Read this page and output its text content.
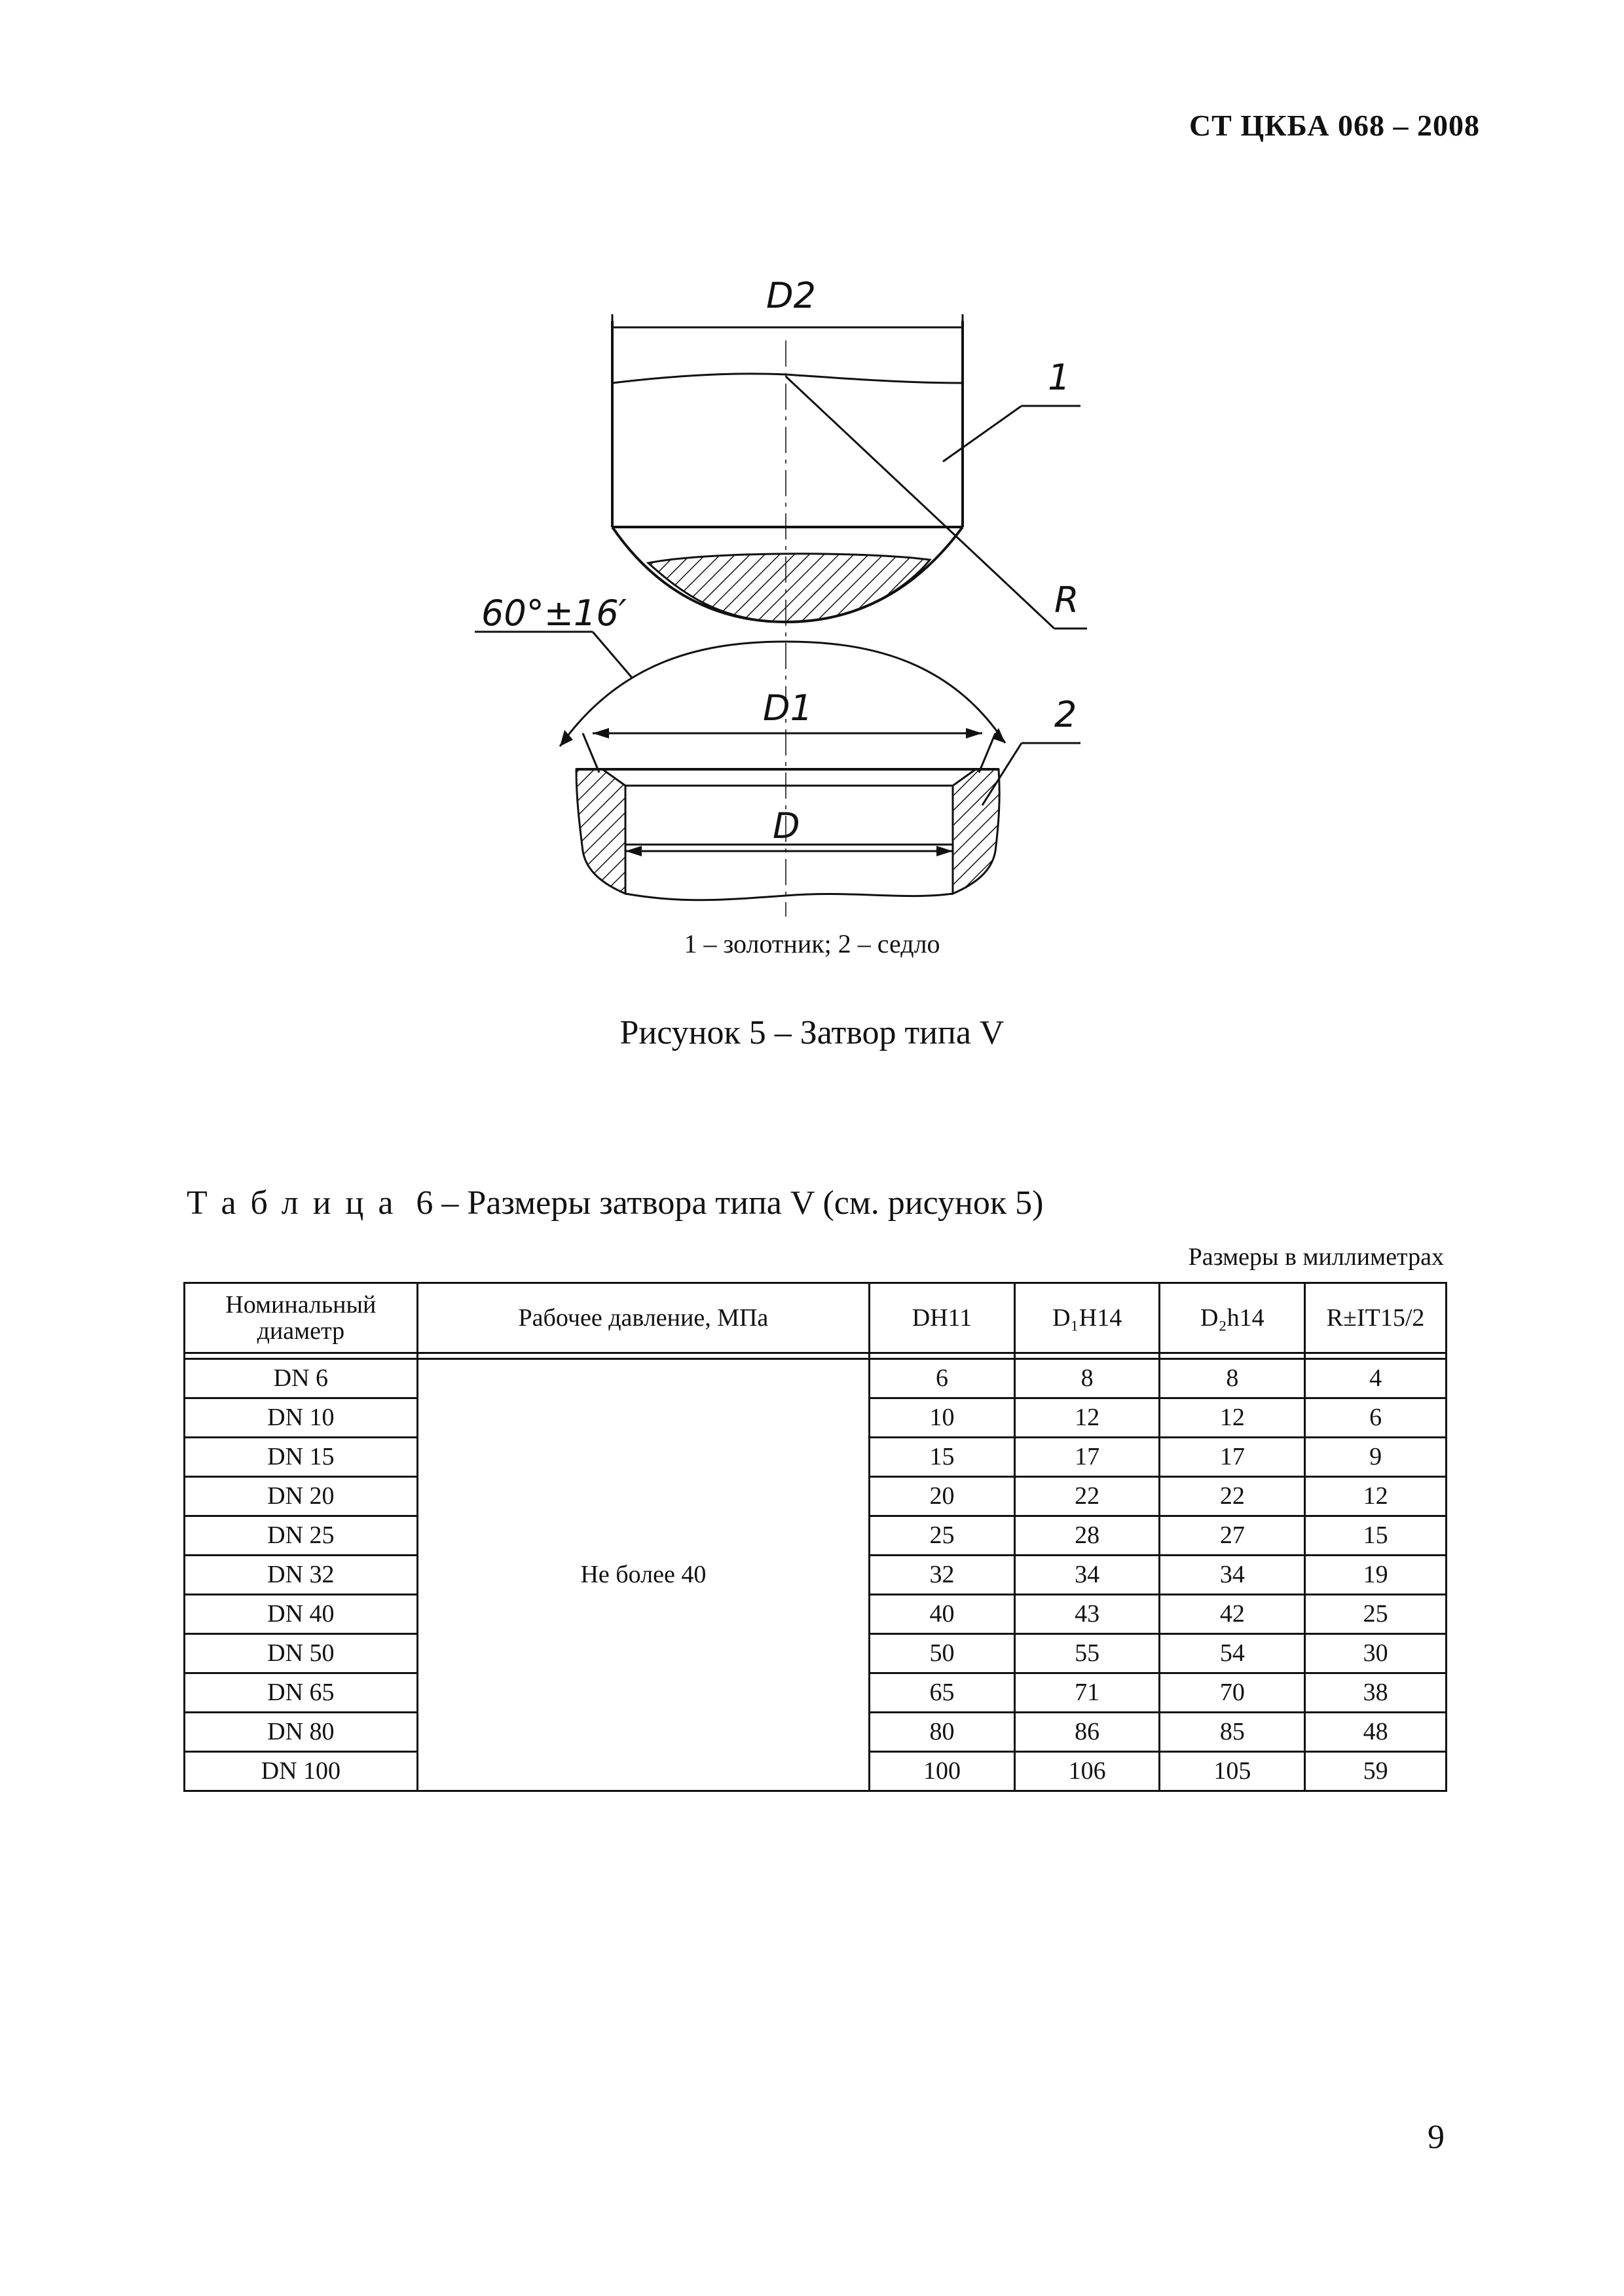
СТ ЦКБА 068 – 2008
D2
1
R
60°±16′
D1	2
D
1 – золотник; 2 – седло
Рисунок 5 – Затвор типа V
Таблица 6 – Размеры затвора типа V (см. рисунок 5)
Размеры в миллиметрах
Номинальный диаметр	Рабочее давление, МПа	DH11	D₁H14	D₂h14	R±IT15/2

DN 6	Не более 40	6	8	8	4
DN 10		10	12	12	6
DN 15		15	17	17	9
DN 20		20	22	22	12
DN 25		25	28	27	15
DN 32		32	34	34	19
DN 40		40	43	42	25
DN 50		50	55	54	30
DN 65		65	71	70	38
DN 80		80	86	85	48
DN 100		100	106	105	59
9
